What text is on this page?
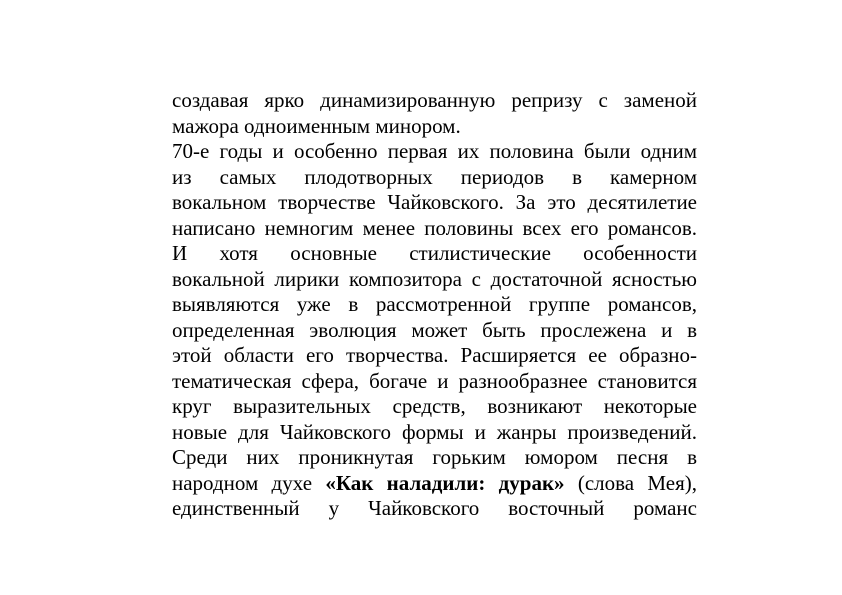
создавая ярко динамизированную репризу с заменой
мажора одноименным минором.
70-е годы и особенно первая их половина были одним
из самых плодотворных периодов в камерном
вокальном творчестве Чайковского. За это десятилетие
написано немногим менее половины всех его романсов.
И хотя основные стилистические особенности
вокальной лирики композитора с достаточной ясностью
выявляются уже в рассмотренной группе романсов,
определенная эволюция может быть прослежена и в
этой области его творчества. Расширяется ее образно-
тематическая сфера, богаче и разнообразнее становится
круг выразительных средств, возникают некоторые
новые для Чайковского формы и жанры произведений.
Среди них проникнутая горьким юмором песня в
народном духе «Как наладили: дурак» (слова Мея),
единственный у Чайковского восточный романс
